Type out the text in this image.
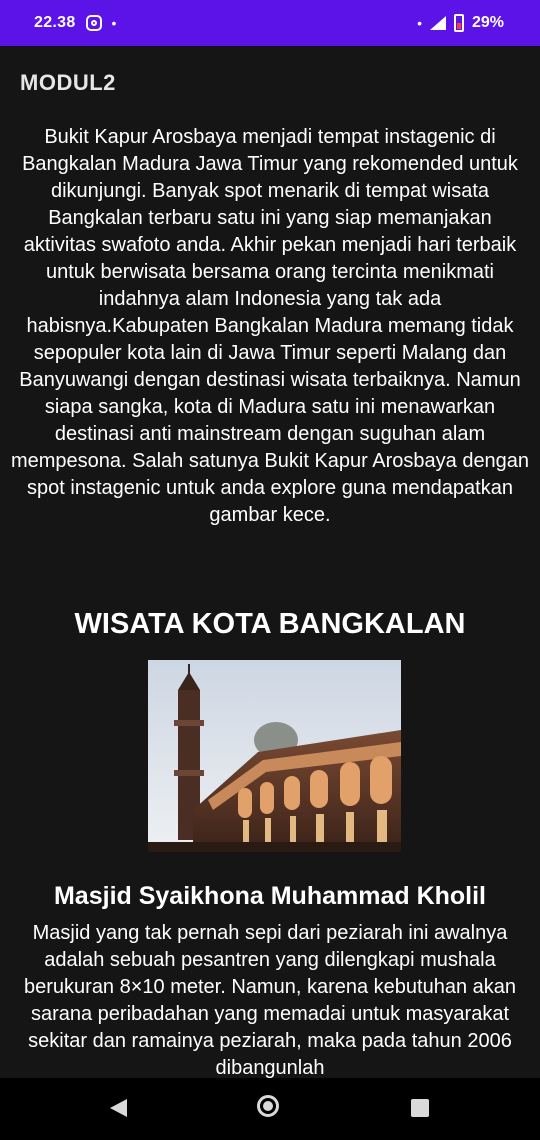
22.38	•	•	29%
MODUL2

Bukit Kapur Arosbaya menjadi tempat instagenic di Bangkalan Madura Jawa Timur yang rekomended untuk dikunjungi. Banyak spot menarik di tempat wisata Bangkalan terbaru satu ini yang siap memanjakan aktivitas swafoto anda. Akhir pekan menjadi hari terbaik untuk berwisata bersama orang tercinta menikmati indahnya alam Indonesia yang tak ada habisnya.Kabupaten Bangkalan Madura memang tidak sepopuler kota lain di Jawa Timur seperti Malang dan Banyuwangi dengan destinasi wisata terbaiknya. Namun siapa sangka, kota di Madura satu ini menawarkan destinasi anti mainstream dengan suguhan alam mempesona. Salah satunya Bukit Kapur Arosbaya dengan spot instagenic untuk anda explore guna mendapatkan gambar kece.

WISATA KOTA BANGKALAN
Masjid Syaikhona Muhammad Kholil

Masjid yang tak pernah sepi dari peziarah ini awalnya adalah sebuah pesantren yang dilengkapi mushala berukuran 8×10 meter. Namun, karena kebutuhan akan sarana peribadahan yang memadai untuk masyarakat sekitar dan ramainya peziarah, maka pada tahun 2006 dibangunlah
